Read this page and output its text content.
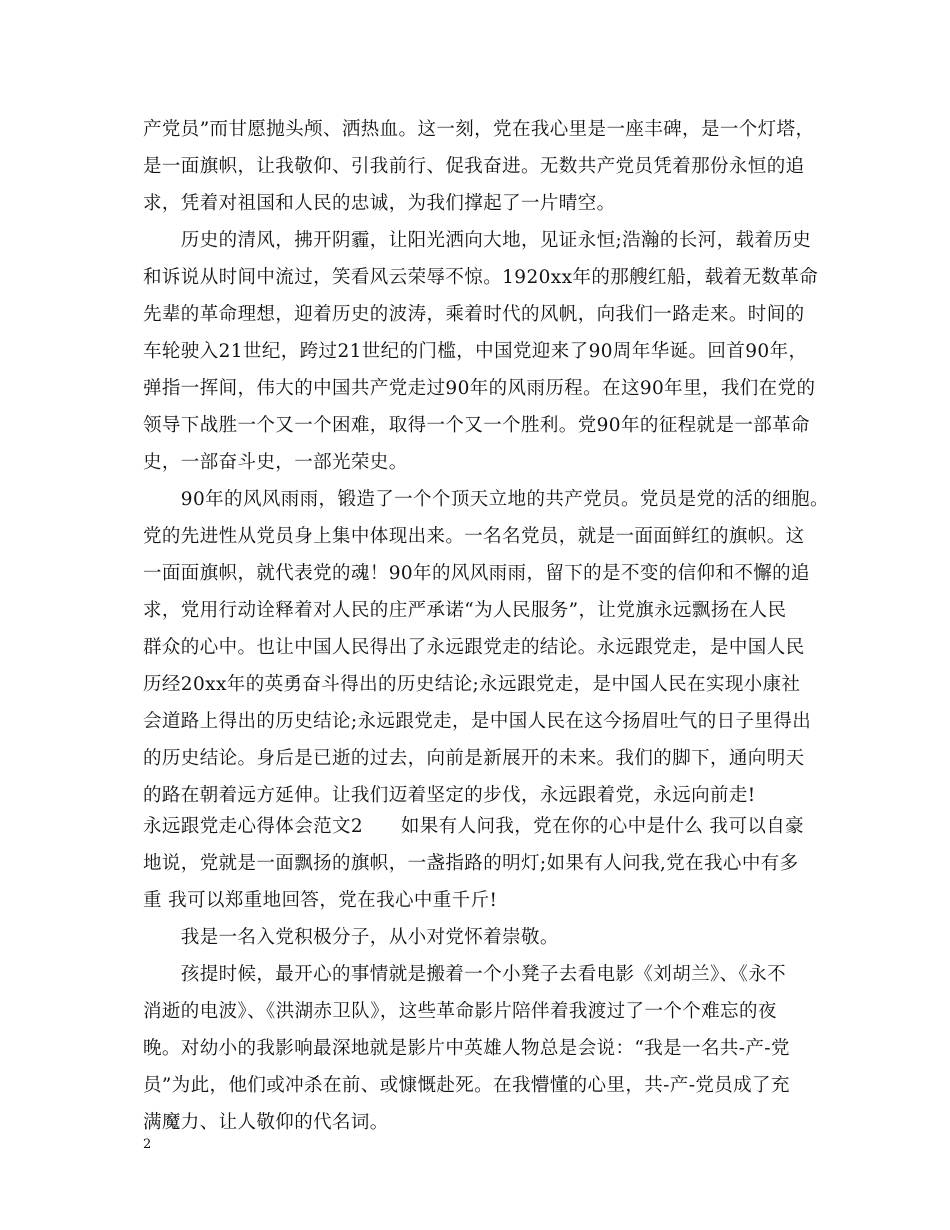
产党员”而甘愿抛头颅、洒热血。这一刻，党在我心里是一座丰碑，是一个灯塔，
是一面旗帜，让我敬仰、引我前行、促我奋进。无数共产党员凭着那份永恒的追
求，凭着对祖国和人民的忠诚，为我们撑起了一片晴空。
　　历史的清风，拂开阴霾，让阳光洒向大地，见证永恒;浩瀚的长河，载着历史
和诉说从时间中流过，笑看风云荣辱不惊。1920xx年的那艘红船，载着无数革命
先辈的革命理想，迎着历史的波涛，乘着时代的风帆，向我们一路走来。时间的
车轮驶入21世纪，跨过21世纪的门槛，中国党迎来了90周年华诞。回首90年，
弹指一挥间，伟大的中国共产党走过90年的风雨历程。在这90年里，我们在党的
领导下战胜一个又一个困难，取得一个又一个胜利。党90年的征程就是一部革命
史，一部奋斗史，一部光荣史。
　　90年的风风雨雨，锻造了一个个顶天立地的共产党员。党员是党的活的细胞。
党的先进性从党员身上集中体现出来。一名名党员，就是一面面鲜红的旗帜。这
一面面旗帜，就代表党的魂！90年的风风雨雨，留下的是不变的信仰和不懈的追
求，党用行动诠释着对人民的庄严承诺“为人民服务”，让党旗永远飘扬在人民
群众的心中。也让中国人民得出了永远跟党走的结论。永远跟党走，是中国人民
历经20xx年的英勇奋斗得出的历史结论;永远跟党走，是中国人民在实现小康社
会道路上得出的历史结论;永远跟党走，是中国人民在这今扬眉吐气的日子里得出
的历史结论。身后是已逝的过去，向前是新展开的未来。我们的脚下，通向明天
的路在朝着远方延伸。让我们迈着坚定的步伐，永远跟着党，永远向前走!
永远跟党走心得体会范文2　　如果有人问我，党在你的心中是什么 我可以自豪
地说，党就是一面飘扬的旗帜，一盏指路的明灯;如果有人问我,党在我心中有多
重 我可以郑重地回答，党在我心中重千斤!
　　我是一名入党积极分子，从小对党怀着崇敬。
　　孩提时候，最开心的事情就是搬着一个小凳子去看电影《刘胡兰》、《永不
消逝的电波》、《洪湖赤卫队》，这些革命影片陪伴着我渡过了一个个难忘的夜
晚。对幼小的我影响最深地就是影片中英雄人物总是会说：“我是一名共-产-党
员”为此，他们或冲杀在前、或慷慨赴死。在我懵懂的心里，共-产-党员成了充
满魔力、让人敬仰的代名词。
2
